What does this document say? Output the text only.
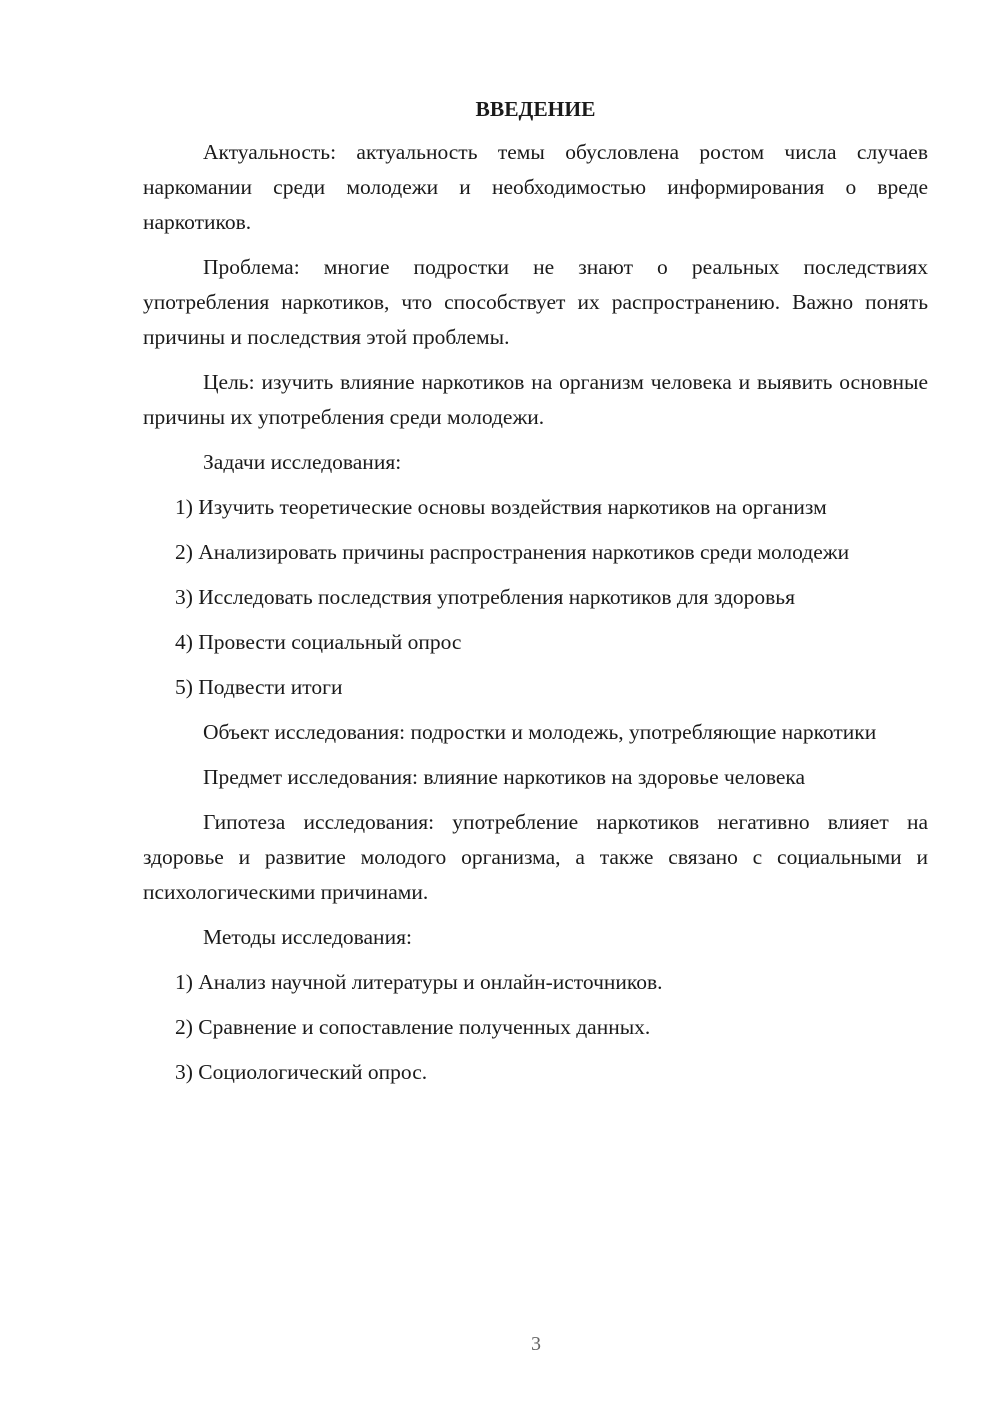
ВВЕДЕНИЕ

Актуальность: актуальность темы обусловлена ростом числа случаев наркомании среди молодежи и необходимостью информирования о вреде наркотиков.

Проблема: многие подростки не знают о реальных последствиях употребления наркотиков, что способствует их распространению. Важно понять причины и последствия этой проблемы.

Цель: изучить влияние наркотиков на организм человека и выявить основные причины их употребления среди молодежи.

Задачи исследования:

1) Изучить теоретические основы воздействия наркотиков на организм

2) Анализировать причины распространения наркотиков среди молодежи

3) Исследовать последствия употребления наркотиков для здоровья

4) Провести социальный опрос

5) Подвести итоги

Объект исследования: подростки и молодежь, употребляющие наркотики

Предмет исследования: влияние наркотиков на здоровье человека

Гипотеза исследования: употребление наркотиков негативно влияет на здоровье и развитие молодого организма, а также связано с социальными и психологическими причинами.

Методы исследования:

1) Анализ научной литературы и онлайн-источников.

2) Сравнение и сопоставление полученных данных.

3) Социологический опрос.

3
